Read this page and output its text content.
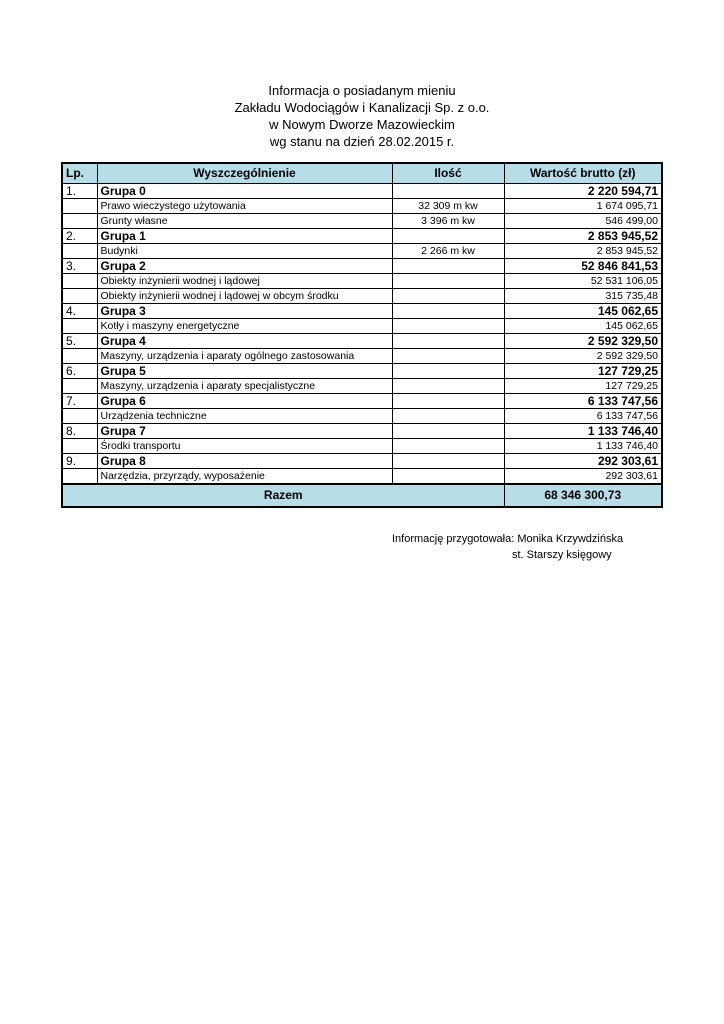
Informacja o posiadanym mieniu
Zakładu Wodociągów i Kanalizacji Sp. z o.o.
w Nowym Dworze Mazowieckim
wg stanu na dzień 28.02.2015 r.
Lp.	Wyszczególnienie	Ilość	Wartość brutto (zł)
1.	Grupa 0		2 220 594,71
	Prawo wieczystego użytowania	32 309 m kw	1 674 095,71
	Grunty własne	3 396 m kw	546 499,00
2.	Grupa 1		2 853 945,52
	Budynki	2 266 m kw	2 853 945,52
3.	Grupa 2		52 846 841,53
	Obiekty inżynierii wodnej i lądowej		52 531 106,05
	Obiekty inżynierii wodnej i lądowej w obcym środku		315 735,48
4.	Grupa 3		145 062,65
	Kotły i maszyny energetyczne		145 062,65
5.	Grupa 4		2 592 329,50
	Maszyny, urządzenia i aparaty ogólnego zastosowania		2 592 329,50
6.	Grupa 5		127 729,25
	Maszyny, urządzenia i aparaty specjalistyczne		127 729,25
7.	Grupa 6		6 133 747,56
	Urządzenia techniczne		6 133 747,56
8.	Grupa 7		1 133 746,40
	Środki transportu		1 133 746,40
9.	Grupa 8		292 303,61
	Narzędzia, przyrządy, wyposażenie		292 303,61
Razem			68 346 300,73
Informację przygotowała: Monika Krzywdzińska
st. Starszy księgowy
